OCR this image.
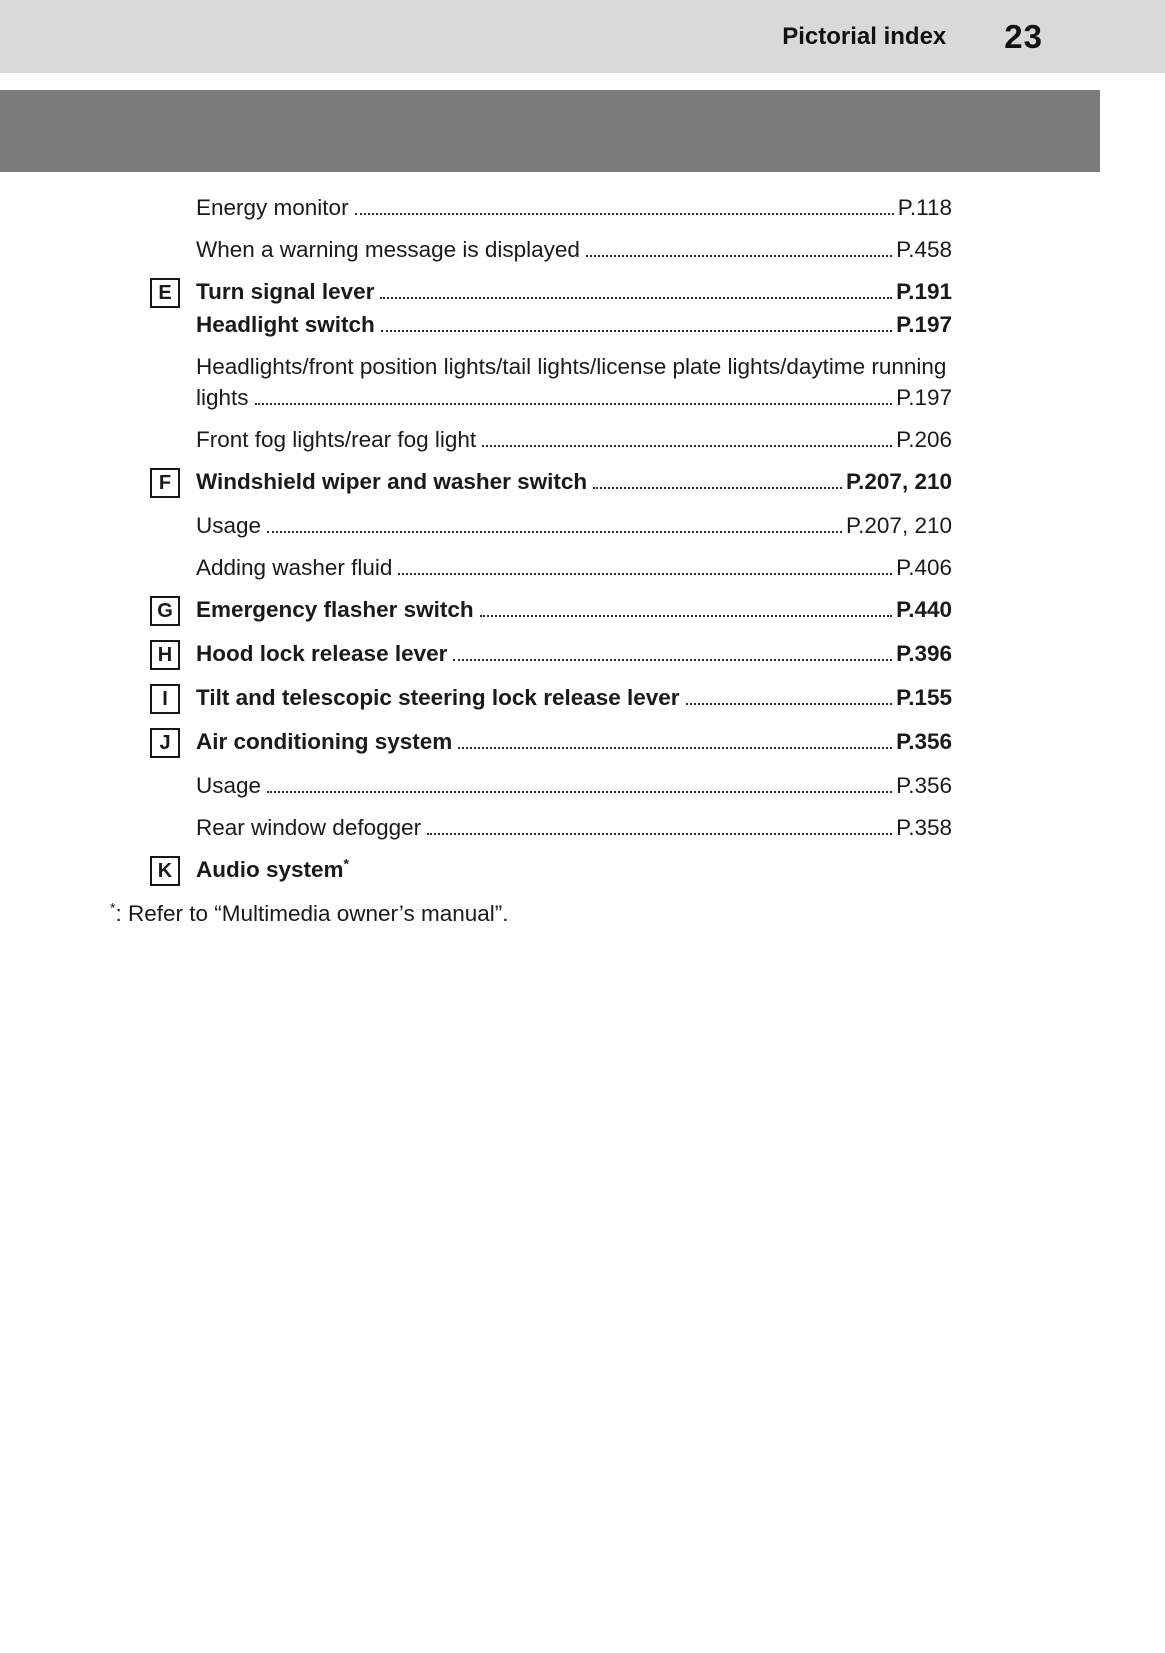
Pictorial index 23
Energy monitor	P.118
When a warning message is displayed	P.458
E	Turn signal lever	P.191
Headlight switch	P.197
Headlights/front position lights/tail lights/license plate lights/daytime running
lights	P.197
Front fog lights/rear fog light	P.206
F	Windshield wiper and washer switch	P.207, 210
Usage	P.207, 210
Adding washer fluid	P.406
G	Emergency flasher switch	P.440
H	Hood lock release lever	P.396
I	Tilt and telescopic steering lock release lever	P.155
J	Air conditioning system	P.356
Usage	P.356
Rear window defogger	P.358
K	Audio system*
*: Refer to “Multimedia owner’s manual”.
